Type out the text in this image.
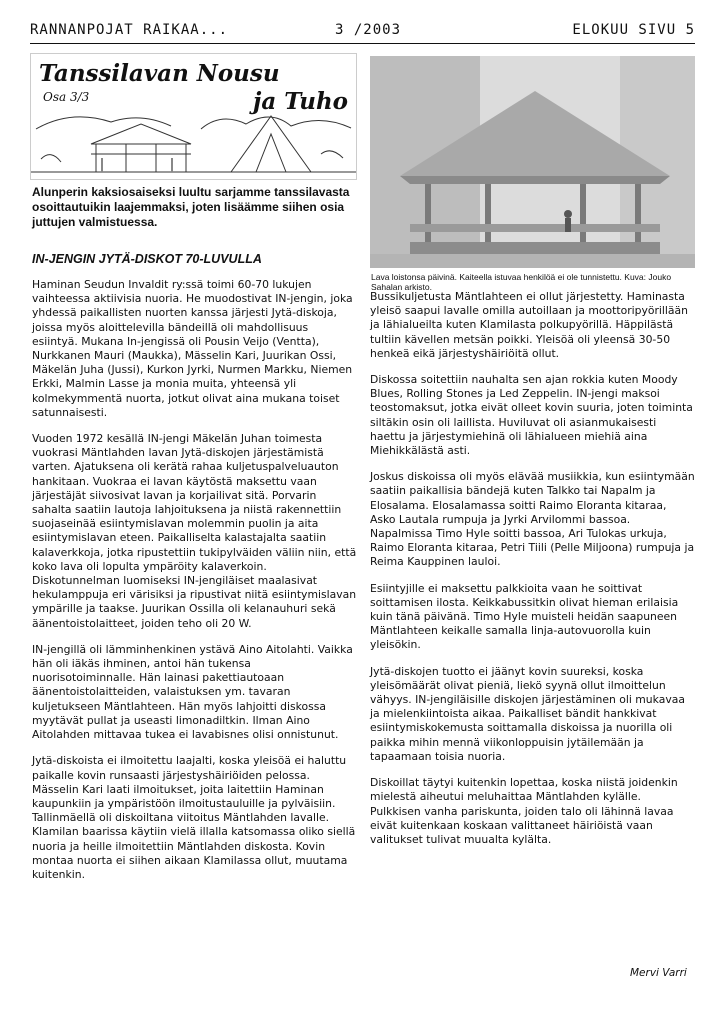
RANNANPOJAT RAIKAA...	3 /2003	ELOKUU SIVU 5
Tanssilavan Nousu
Osa 3/3	ja Tuho
Lava loistonsa päivinä. Kaiteella istuvaa henkilöä ei ole tunnistettu. Kuva: Jouko Sahalan arkisto.
Alunperin kaksiosaiseksi luultu sarjamme tanssilavasta osoittautuikin laajemmaksi, joten lisäämme siihen osia juttujen valmistuessa.
IN-JENGIN JYTÄ-DISKOT 70-LUVULLA

Haminan Seudun Invaldit ry:ssä toimi 60-70 lukujen vaihteessa aktiivisia nuoria. He muodostivat IN-jengin, joka yhdessä paikallisten nuorten kanssa järjesti Jytä-diskoja, joissa myös aloittelevilla bändeillä oli mahdollisuus esiintyä. Mukana In-jengissä oli Pousin Veijo (Ventta), Nurkkanen Mauri (Maukka), Mässelin Kari, Juurikan Ossi, Mäkelän Juha (Jussi), Kurkon Jyrki, Nurmen Markku, Niemen Erkki, Malmin Lasse ja monia muita, yhteensä yli kolmekymmentä nuorta, jotkut olivat aina mukana toiset satunnaisesti.

Vuoden 1972 kesällä IN-jengi Mäkelän Juhan toimesta vuokrasi Mäntlahden lavan Jytä-diskojen järjestämistä varten. Ajatuksena oli kerätä rahaa kuljetuspalveluauton hankitaan. Vuokraa ei lavan käytöstä maksettu vaan järjestäjät siivosivat lavan ja korjailivat sitä. Porvarin sahalta saatiin lautoja lahjoituksena ja niistä rakennettiin suojaseinää esiintymislavan molemmin puolin ja aita esiintymislavan eteen. Paikalliselta kalastajalta saatiin kalaverkkoja, jotka ripustettiin tukipylväiden väliin niin, että koko lava oli lopulta ympäröity kalaverkoin. Diskotunnelman luomiseksi IN-jengiläiset maalasivat hekulamppuja eri värisiksi ja ripustivat niitä esiintymislavan ympärille ja taakse. Juurikan Ossilla oli kelanauhuri sekä äänentoistolaitteet, joiden teho oli 20 W.

IN-jengillä oli lämminhenkinen ystävä Aino Aitolahti. Vaikka hän oli iäkäs ihminen, antoi hän tukensa nuorisotoiminnalle. Hän lainasi pakettiautoaan äänentoistolaitteiden, valaistuksen ym. tavaran kuljetukseen Mäntlahteen. Hän myös lahjoitti diskossa myytävät pullat ja useasti limonadiltkin. Ilman Aino Aitolahden mittavaa tukea ei lavabisnes olisi onnistunut.

Jytä-diskoista ei ilmoitettu laajalti, koska yleisöä ei haluttu paikalle kovin runsaasti järjestyshäiriöiden pelossa. Mässelin Kari laati ilmoitukset, joita laitettiin Haminan kaupunkiin ja ympäristöön ilmoitustauluille ja pylväisiin. Tallinmäellä oli diskoiltana viitoitus Mäntlahden lavalle. Klamilan baarissa käytiin vielä illalla katsomassa oliko siellä nuoria ja heille ilmoitettiin Mäntlahden diskosta. Kovin montaa nuorta ei siihen aikaan Klamilassa ollut, muutama kuitenkin.

Bussikuljetusta Mäntlahteen ei ollut järjestetty. Haminasta yleisö saapui lavalle omilla autoillaan ja moottoripyörillään ja lähialueilta kuten Klamilasta polkupyörillä. Häppilästä tultiin kävellen metsän poikki. Yleisöä oli yleensä 30-50 henkeä eikä järjestyshäiriöitä ollut.

Diskossa soitettiin nauhalta sen ajan rokkia kuten Moody Blues, Rolling Stones ja Led Zeppelin. IN-jengi maksoi teostomaksut, jotka eivät olleet kovin suuria, joten toiminta siltäkin osin oli laillista. Huviluvat oli asianmukaisesti haettu ja järjestymiehinä oli lähialueen miehiä aina Miehikkälästä asti.

Joskus diskoissa oli myös elävää musiikkia, kun esiintymään saatiin paikallisia bändejä kuten Talkko tai Napalm ja Elosalama. Elosalamassa soitti Raimo Eloranta kitaraa, Asko Lautala rumpuja ja Jyrki Arvilommi bassoa. Napalmissa Timo Hyle soitti bassoa, Ari Tulokas urkuja, Raimo Eloranta kitaraa, Petri Tiili (Pelle Miljoona) rumpuja ja Reima Kauppinen lauloi.

Esiintyjille ei maksettu palkkioita vaan he soittivat soittamisen ilosta. Keikkabussitkin olivat hieman erilaisia kuin tänä päivänä. Timo Hyle muisteli heidän saapuneen Mäntlahteen keikalle samalla linja-autovuorolla kuin yleisökin.

Jytä-diskojen tuotto ei jäänyt kovin suureksi, koska yleisömäärät olivat pieniä, liekö syynä ollut ilmoittelun vähyys. IN-jengiläisille diskojen järjestäminen oli mukavaa ja mielenkiintoista aikaa. Paikalliset bändit hankkivat esiintymiskokemusta soittamalla diskoissa ja nuorilla oli paikka mihin mennä viikonloppuisin jytäilemään ja tapaamaan toisia nuoria.

Diskoillat täytyi kuitenkin lopettaa, koska niistä joidenkin mielestä aiheutui meluhaittaa Mäntlahden kylälle. Pulkkisen vanha pariskunta, joiden talo oli lähinnä lavaa eivät kuitenkaan koskaan valittaneet häiriöistä vaan valitukset tulivat muualta kylälta.

Mervi Varri
